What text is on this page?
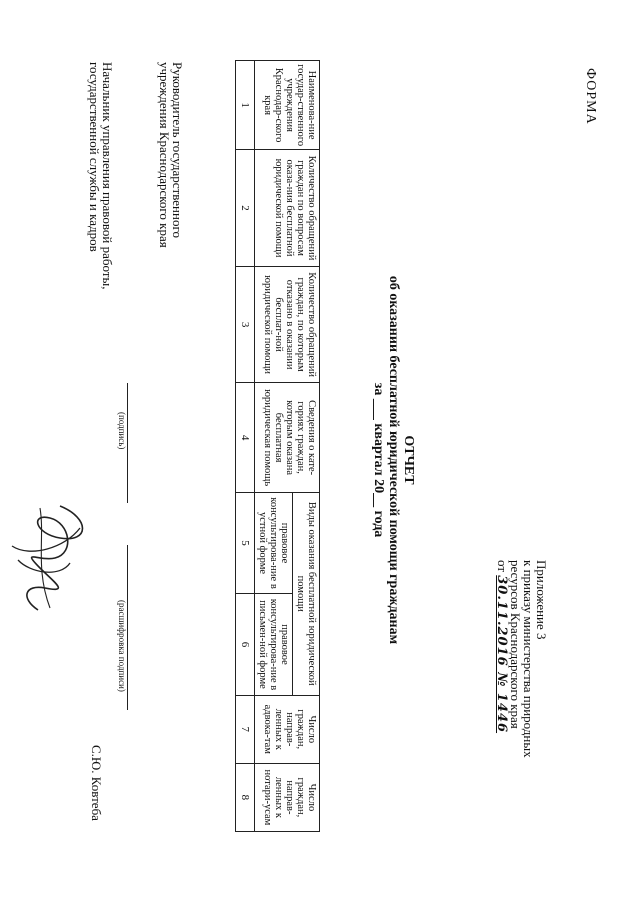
Приложение 3
к приказу министерства природных
ресурсов Краснодарского края
от 30.11.2016 № 1446
ФОРМА
ОТЧЕТ
об оказании бесплатной юридической помощи гражданам
за ___ квартал 20__ года
Наименова-ние государ-ственного учреждения Краснодар-ского края	Количество обращений граждан по вопросам оказа-ния бесплатной юридической помощи	Количество обращений граждан, по которым отказано в оказании бесплат-ной юридической помощи	Сведения о кате-гориях граждан, которым оказана бесплатная юридическая помощь	Виды оказания бесплатной юридической помощи		Число граждан, направ-ленных к адвока-там	Число граждан, направ-ленных к нотари-усам
				правовое консультирова-ние в устной форме	правовое консультирова-ние в письмен-ной форме		
1	2	3	4	5	6	7	8
Руководитель государственного
учреждения Краснодарского края
(подпись)
(расшифровка подписи)
Начальник управления правовой работы,
государственной службы и кадров
С.Ю. Ковтеба
